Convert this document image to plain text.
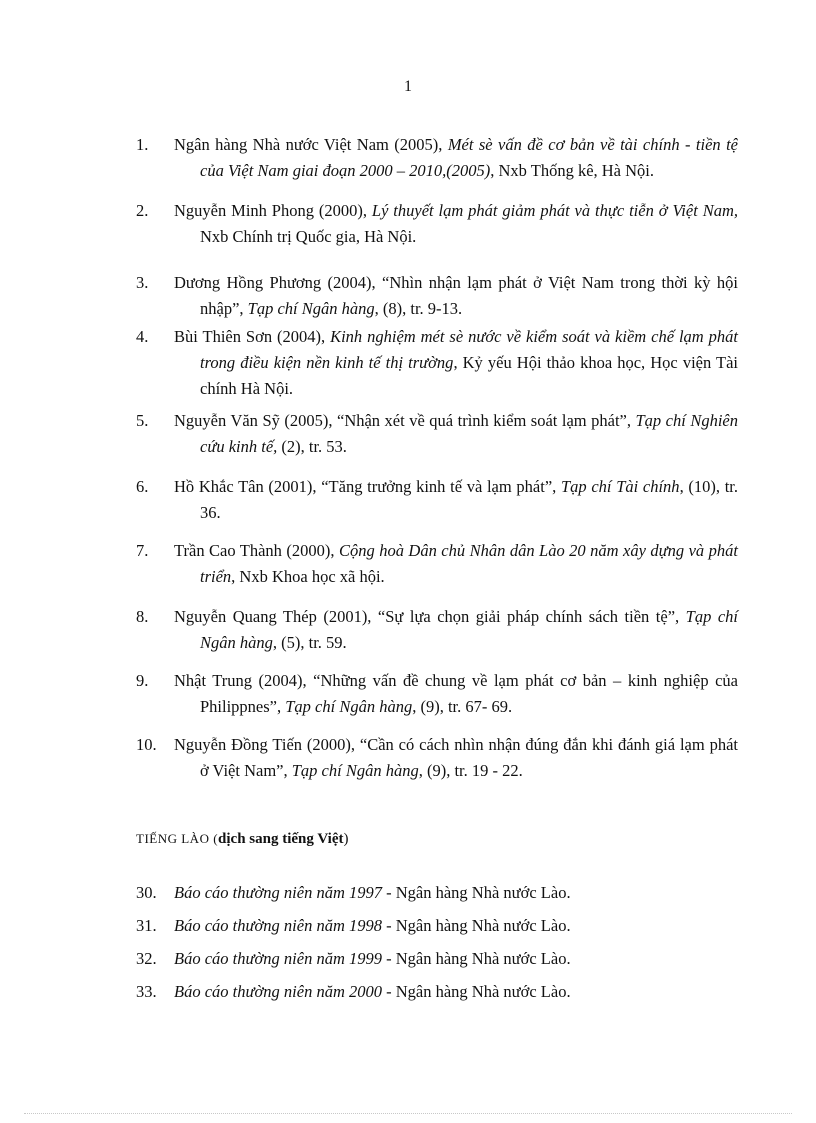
1
1. Ngân hàng Nhà nước Việt Nam (2005), Mét sè vấn đề cơ bản về tài chính - tiền tệ của Việt Nam giai đoạn 2000 – 2010,(2005), Nxb Thống kê, Hà Nội.
2. Nguyễn Minh Phong (2000), Lý thuyết lạm phát giảm phát và thực tiễn ở Việt Nam, Nxb Chính trị Quốc gia, Hà Nội.
3. Dương Hồng Phương (2004), “Nhìn nhận lạm phát ở Việt Nam trong thời kỳ hội nhập”, Tạp chí Ngân hàng, (8), tr. 9-13.
4. Bùi Thiên Sơn (2004), Kinh nghiệm mét sè nước về kiểm soát và kiềm chế lạm phát trong điều kiện nền kinh tế thị trường, Kỷ yếu Hội thảo khoa học, Học viện Tài chính Hà Nội.
5. Nguyễn Văn Sỹ (2005), “Nhận xét về quá trình kiểm soát lạm phát”, Tạp chí Nghiên cứu kinh tế, (2), tr. 53.
6. Hồ Khắc Tân (2001), “Tăng trưởng kinh tế và lạm phát”, Tạp chí Tài chính, (10), tr. 36.
7. Trần Cao Thành (2000), Cộng hoà Dân chủ Nhân dân Lào 20 năm xây dựng và phát triển, Nxb Khoa học xã hội.
8. Nguyễn Quang Thép (2001), “Sự lựa chọn giải pháp chính sách tiền tệ”, Tạp chí Ngân hàng, (5), tr. 59.
9. Nhật Trung (2004), “Những vấn đề chung về lạm phát cơ bản – kinh nghiệp của Philippnes”, Tạp chí Ngân hàng, (9), tr. 67- 69.
10. Nguyễn Đồng Tiến (2000), “Cần có cách nhìn nhận đúng đắn khi đánh giá lạm phát ở Việt Nam”, Tạp chí Ngân hàng, (9), tr. 19 - 22.
TIẾNG LÀO (dịch sang tiếng Việt)
30.	Báo cáo thường niên năm 1997 - Ngân hàng Nhà nước Lào.
31.	Báo cáo thường niên năm 1998 - Ngân hàng Nhà nước Lào.
32.	Báo cáo thường niên năm 1999 - Ngân hàng Nhà nước Lào.
33.	Báo cáo thường niên năm 2000 - Ngân hàng Nhà nước Lào.
